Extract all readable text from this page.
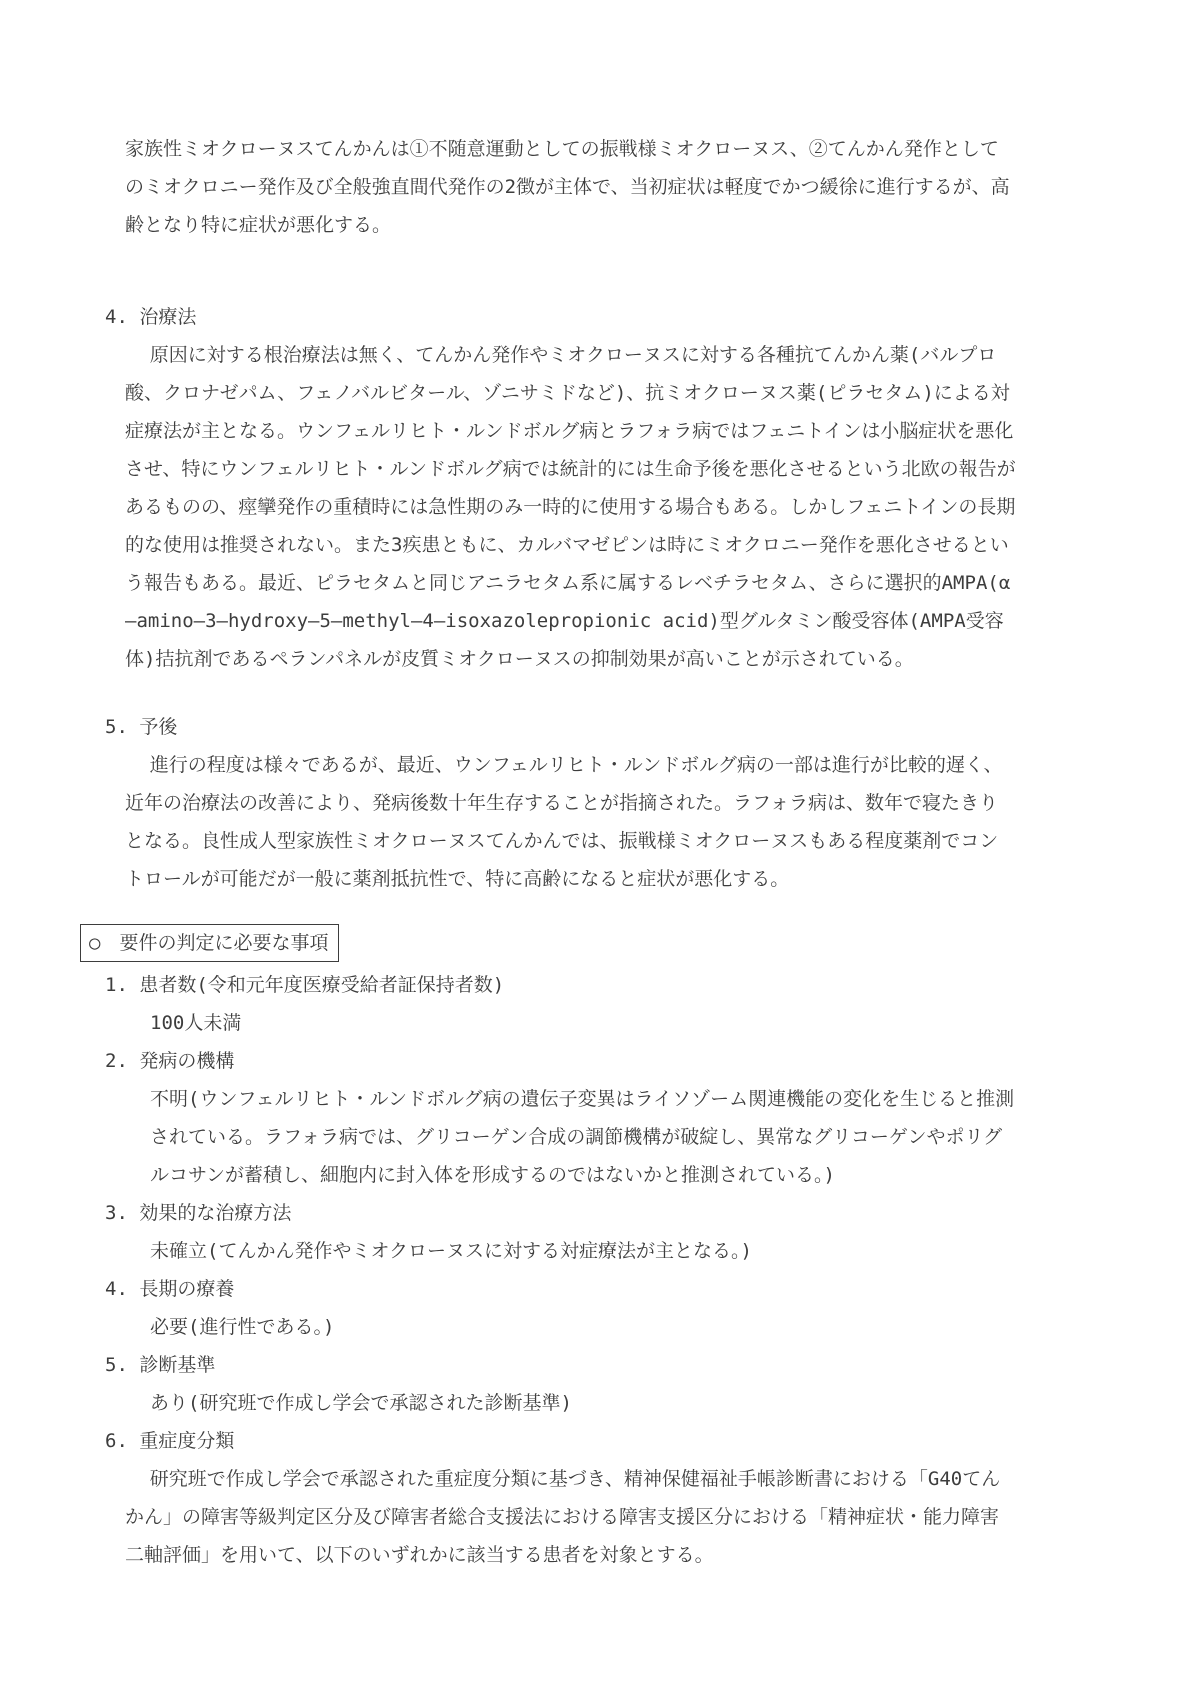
家族性ミオクローヌスてんかんは①不随意運動としての振戦様ミオクローヌス、②てんかん発作としてのミオクロニー発作及び全般強直間代発作の2徴が主体で、当初症状は軽度でかつ緩徐に進行するが、高齢となり特に症状が悪化する。

4. 治療法

原因に対する根治療法は無く、てんかん発作やミオクローヌスに対する各種抗てんかん薬(バルプロ酸、クロナゼパム、フェノバルビタール、ゾニサミドなど)、抗ミオクローヌス薬(ピラセタム)による対症療法が主となる。ウンフェルリヒト・ルンドボルグ病とラフォラ病ではフェニトインは小脳症状を悪化させ、特にウンフェルリヒト・ルンドボルグ病では統計的には生命予後を悪化させるという北欧の報告があるものの、痙攣発作の重積時には急性期のみ一時的に使用する場合もある。しかしフェニトインの長期的な使用は推奨されない。また3疾患ともに、カルバマゼピンは時にミオクロニー発作を悪化させるという報告もある。最近、ピラセタムと同じアニラセタム系に属するレベチラセタム、さらに選択的AMPA(α—amino—3—hydroxy—5—methyl—4—isoxazolepropionic acid)型グルタミン酸受容体(AMPA受容体)拮抗剤であるペランパネルが皮質ミオクローヌスの抑制効果が高いことが示されている。

5. 予後

進行の程度は様々であるが、最近、ウンフェルリヒト・ルンドボルグ病の一部は進行が比較的遅く、近年の治療法の改善により、発病後数十年生存することが指摘された。ラフォラ病は、数年で寝たきりとなる。良性成人型家族性ミオクローヌスてんかんでは、振戦様ミオクローヌスもある程度薬剤でコントロールが可能だが一般に薬剤抵抗性で、特に高齢になると症状が悪化する。

○　要件の判定に必要な事項

1. 患者数(令和元年度医療受給者証保持者数)

100人未満

2. 発病の機構

不明(ウンフェルリヒト・ルンドボルグ病の遺伝子変異はライソゾーム関連機能の変化を生じると推測されている。ラフォラ病では、グリコーゲン合成の調節機構が破綻し、異常なグリコーゲンやポリグルコサンが蓄積し、細胞内に封入体を形成するのではないかと推測されている。)

3. 効果的な治療方法

未確立(てんかん発作やミオクローヌスに対する対症療法が主となる。)

4. 長期の療養

必要(進行性である。)

5. 診断基準

あり(研究班で作成し学会で承認された診断基準)

6. 重症度分類

研究班で作成し学会で承認された重症度分類に基づき、精神保健福祉手帳診断書における「G40てんかん」の障害等級判定区分及び障害者総合支援法における障害支援区分における「精神症状・能力障害二軸評価」を用いて、以下のいずれかに該当する患者を対象とする。
